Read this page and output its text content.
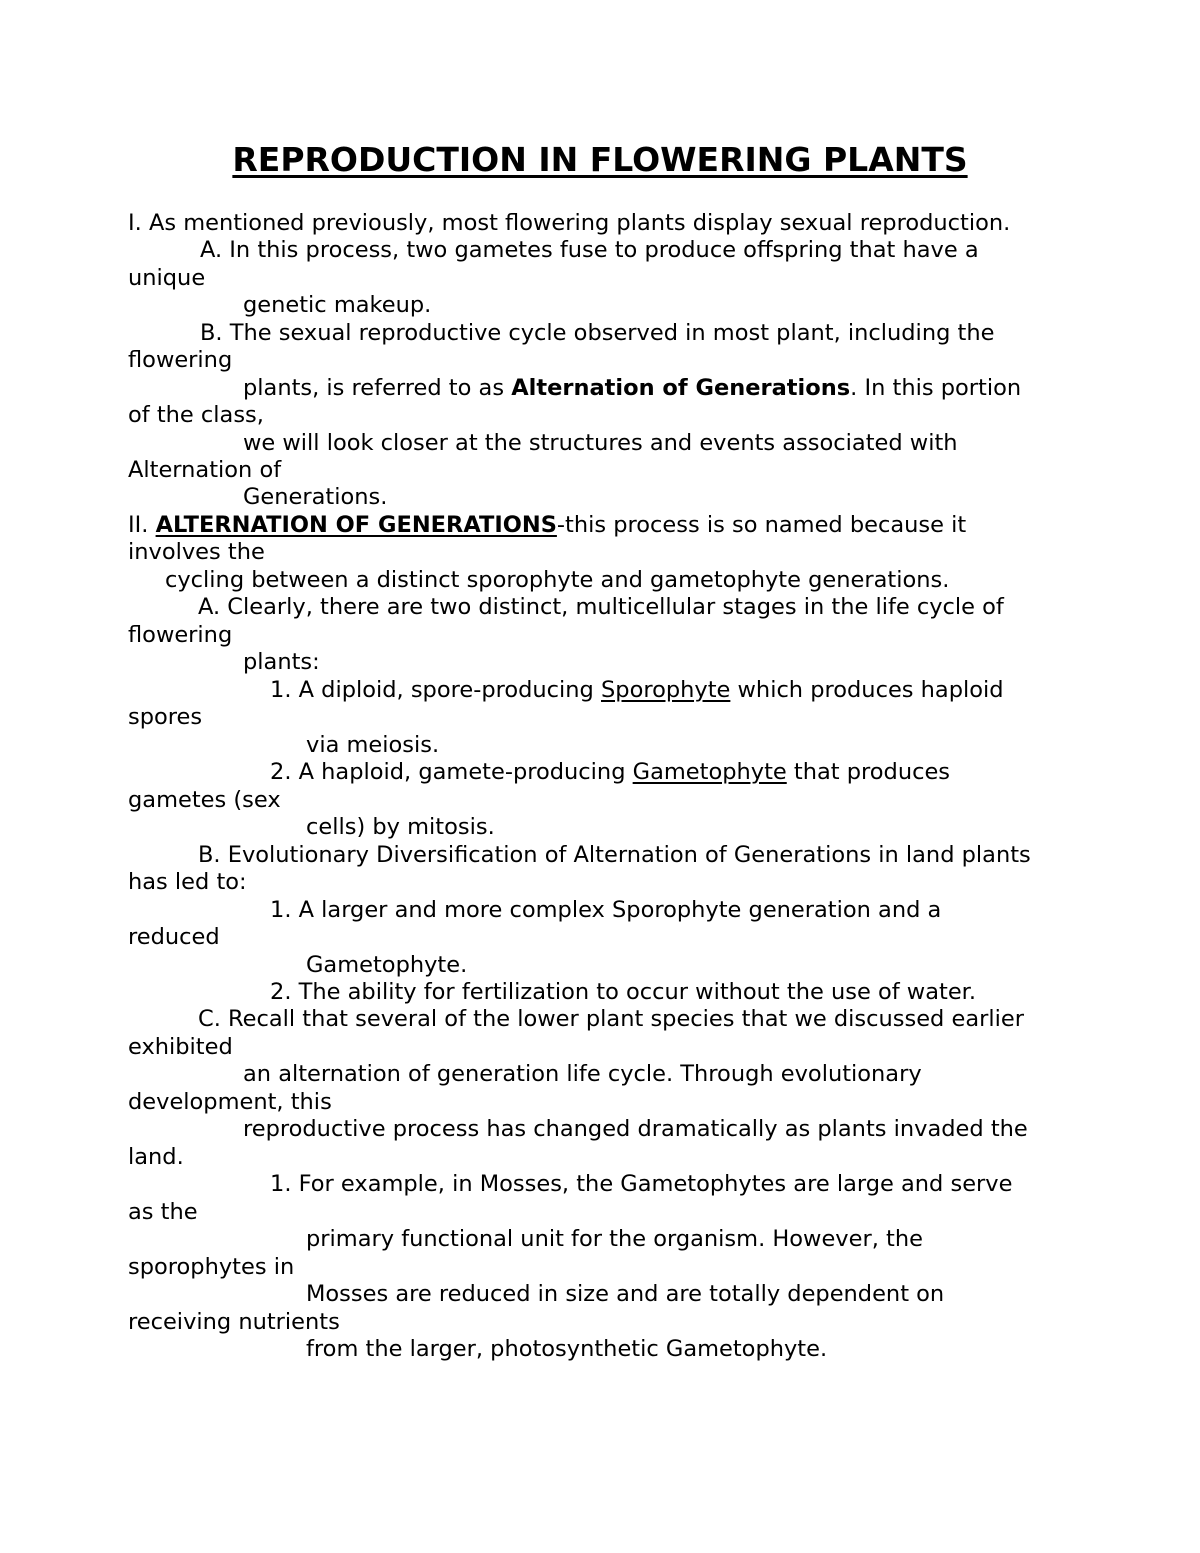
REPRODUCTION IN FLOWERING PLANTS

I. As mentioned previously, most flowering plants display sexual reproduction.

A. In this process, two gametes fuse to produce offspring that have a

unique

genetic makeup.

B. The sexual reproductive cycle observed in most plant, including the

flowering

plants, is referred to as Alternation of Generations. In this portion

of the class,

we will look closer at the structures and events associated with

Alternation of

Generations.

II. ALTERNATION OF GENERATIONS-this process is so named because it

involves the

cycling between a distinct sporophyte and gametophyte generations.

A. Clearly, there are two distinct, multicellular stages in the life cycle of

flowering

plants:

1. A diploid, spore-producing Sporophyte which produces haploid

spores

via meiosis.

2. A haploid, gamete-producing Gametophyte that produces

gametes (sex

cells) by mitosis.

B. Evolutionary Diversification of Alternation of Generations in land plants

has led to:

1. A larger and more complex Sporophyte generation and a

reduced

Gametophyte.

2. The ability for fertilization to occur without the use of water.

C. Recall that several of the lower plant species that we discussed earlier

exhibited

an alternation of generation life cycle. Through evolutionary

development, this

reproductive process has changed dramatically as plants invaded the

land.

1. For example, in Mosses, the Gametophytes are large and serve

as the

primary functional unit for the organism. However, the

sporophytes in

Mosses are reduced in size and are totally dependent on

receiving nutrients

from the larger, photosynthetic Gametophyte.
